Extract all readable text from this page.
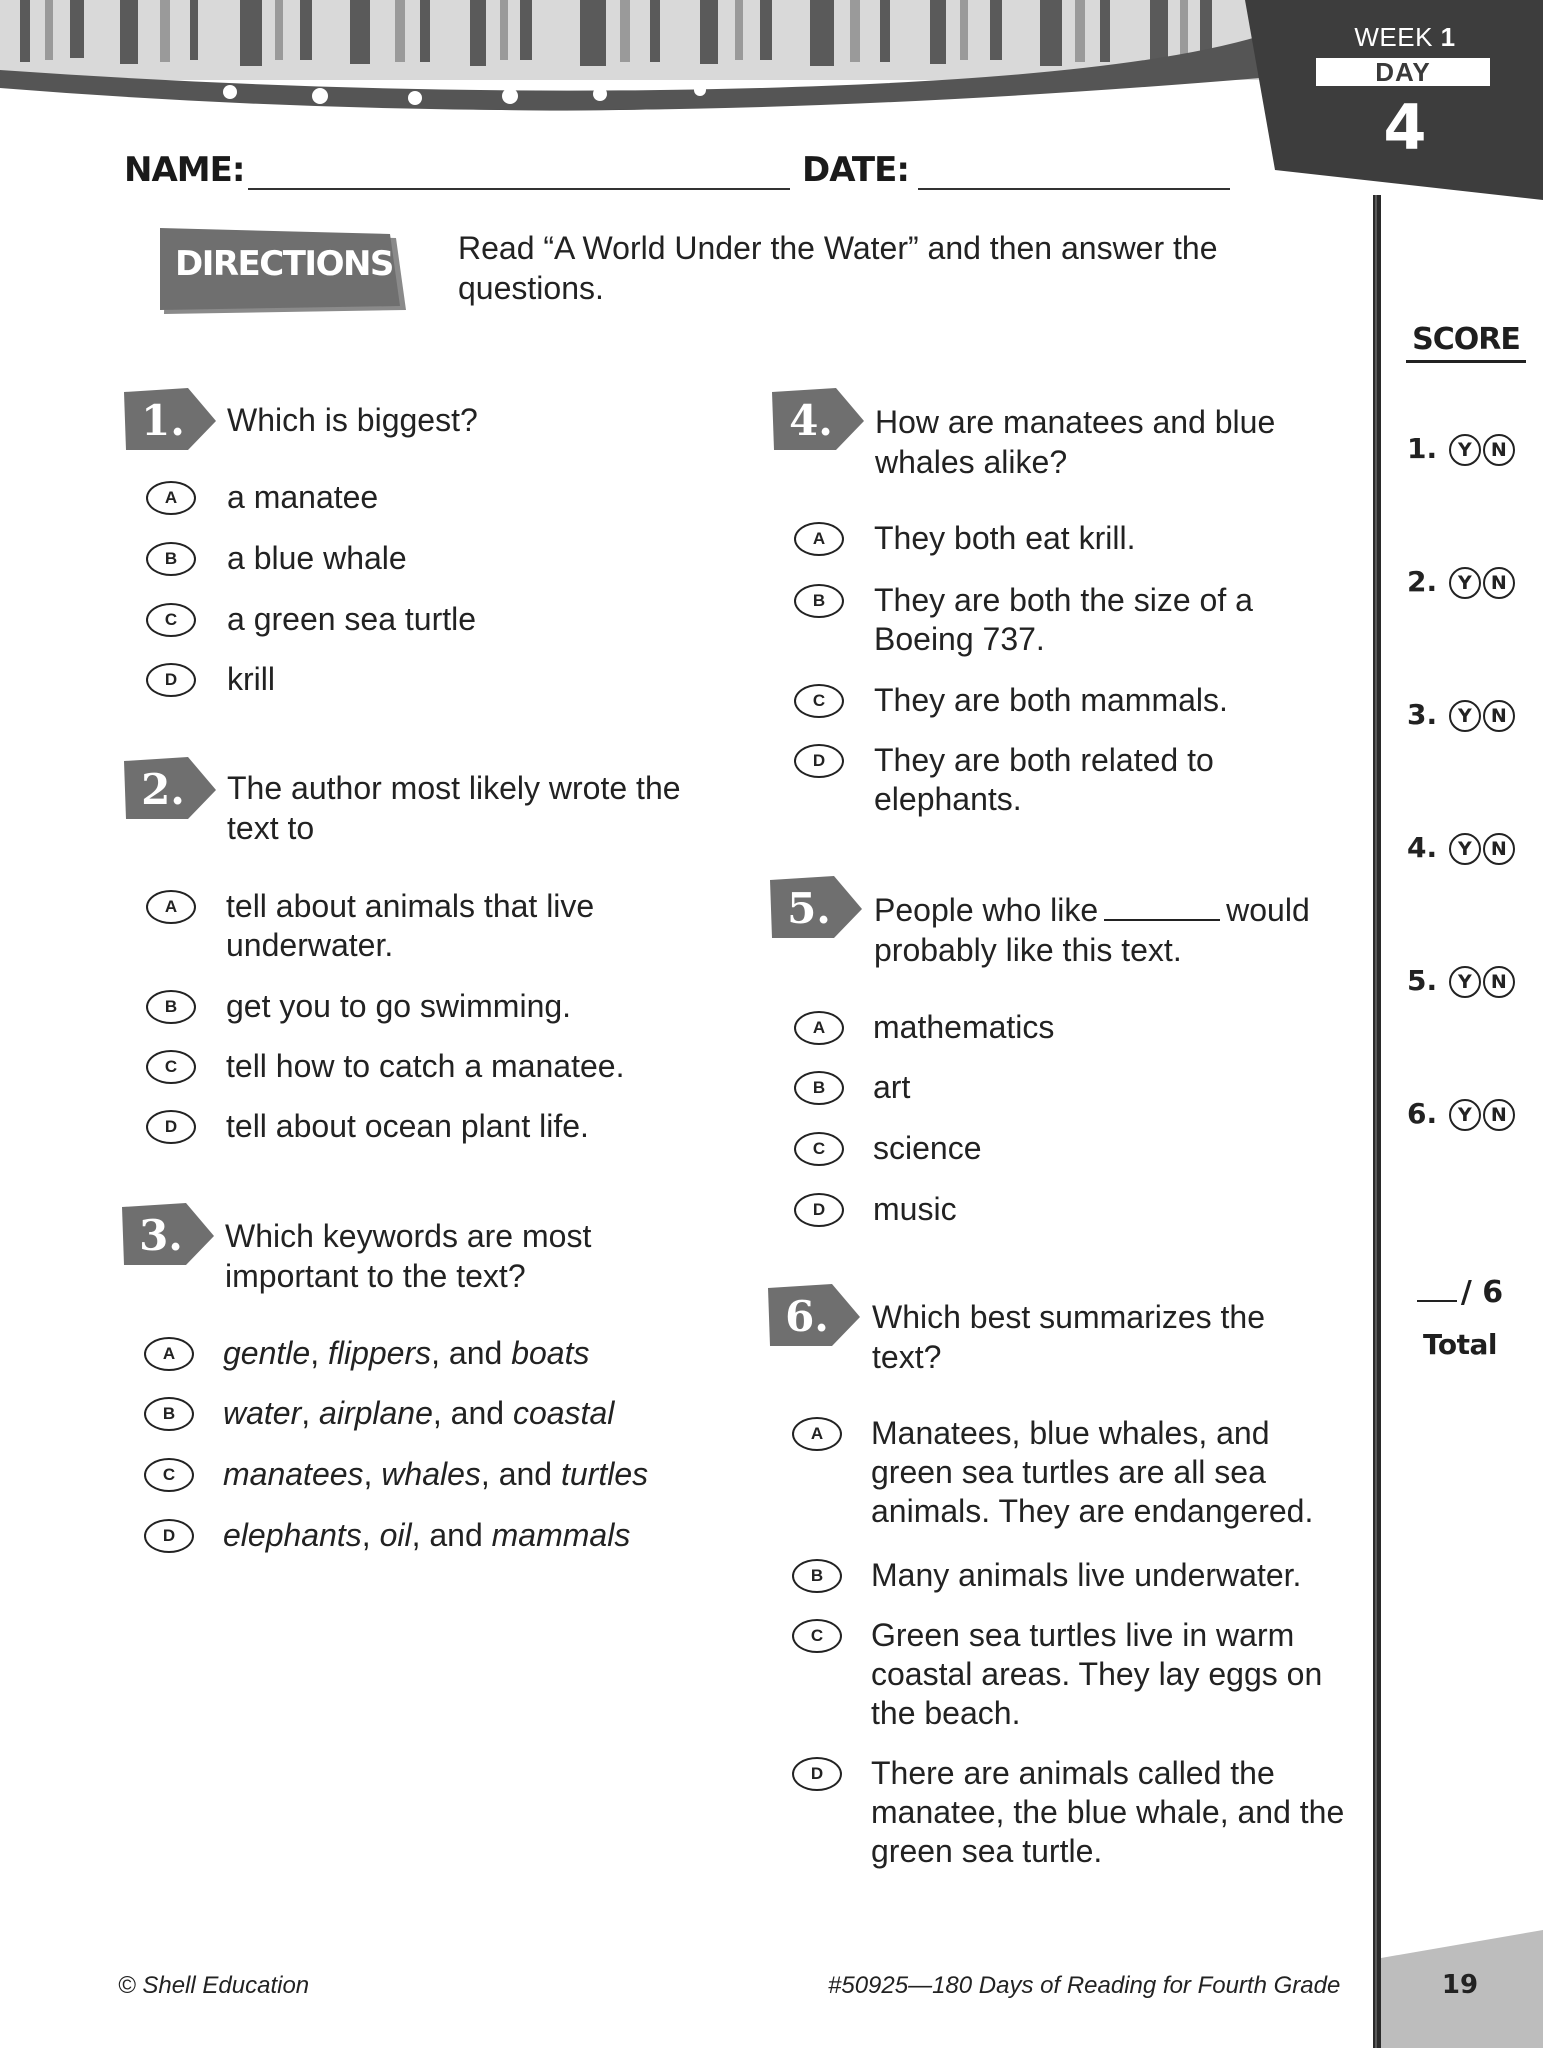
WEEK 1
DAY
4
NAME:	DATE:
DIRECTIONS Read “A World Under the Water” and then answer the questions.
1.	Which is biggest?
A	a manatee
B	a blue whale
C	a green sea turtle
D	krill
2.	The author most likely wrote the text to
A	tell about animals that live underwater.
B	get you to go swimming.
C	tell how to catch a manatee.
D	tell about ocean plant life.
3.	Which keywords are most important to the text?
A	gentle, flippers, and boats
B	water, airplane, and coastal
C	manatees, whales, and turtles
D	elephants, oil, and mammals
4.	How are manatees and blue whales alike?
A	They both eat krill.
B	They are both the size of a Boeing 737.
C	They are both mammals.
D	They are both related to elephants.
5.	People who like	would probably like this text.
A	mathematics
B	art
C	science
D	music
6.	Which best summarizes the text?
A	Manatees, blue whales, and green sea turtles are all sea animals. They are endangered.
B	Many animals live underwater.
C	Green sea turtles live in warm coastal areas. They lay eggs on the beach.
D	There are animals called the manatee, the blue whale, and the green sea turtle.
SCORE
1. Y N
2. Y N
3. Y N
4. Y N
5. Y N
6. Y N
/ 6
Total
© Shell Education	#50925—180 Days of Reading for Fourth Grade	19
